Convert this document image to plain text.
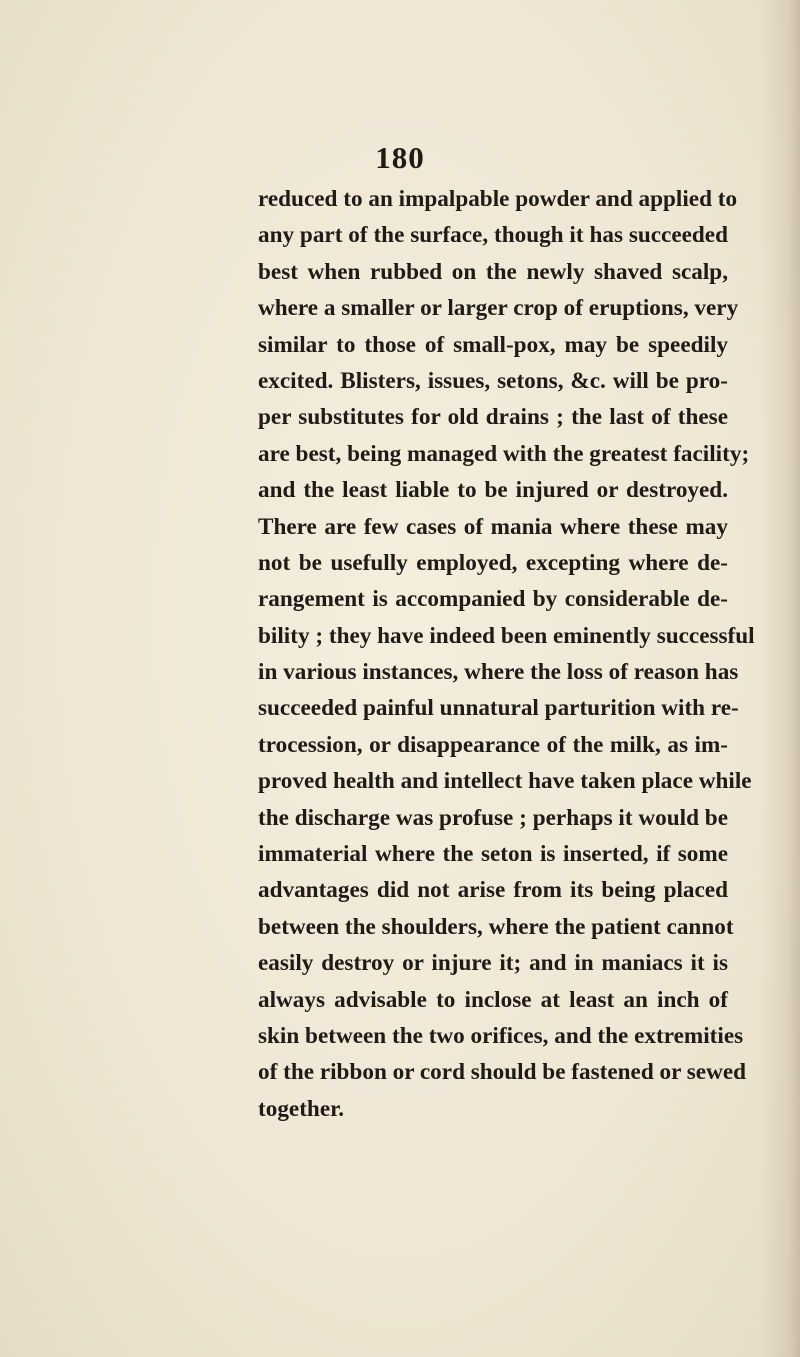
180
reduced to an impalpable powder and applied to
any part of the surface, though it has succeeded
best when rubbed on the newly shaved scalp,
where a smaller or larger crop of eruptions, very
similar to those of small-pox, may be speedily
excited. Blisters, issues, setons, &c. will be pro-
per substitutes for old drains ; the last of these
are best, being managed with the greatest facility;
and the least liable to be injured or destroyed.
There are few cases of mania where these may
not be usefully employed, excepting where de-
rangement is accompanied by considerable de-
bility ; they have indeed been eminently successful
in various instances, where the loss of reason has
succeeded painful unnatural parturition with re-
trocession, or disappearance of the milk, as im-
proved health and intellect have taken place while
the discharge was profuse ; perhaps it would be
immaterial where the seton is inserted, if some
advantages did not arise from its being placed
between the shoulders, where the patient cannot
easily destroy or injure it; and in maniacs it is
always advisable to inclose at least an inch of
skin between the two orifices, and the extremities
of the ribbon or cord should be fastened or sewed
together.
